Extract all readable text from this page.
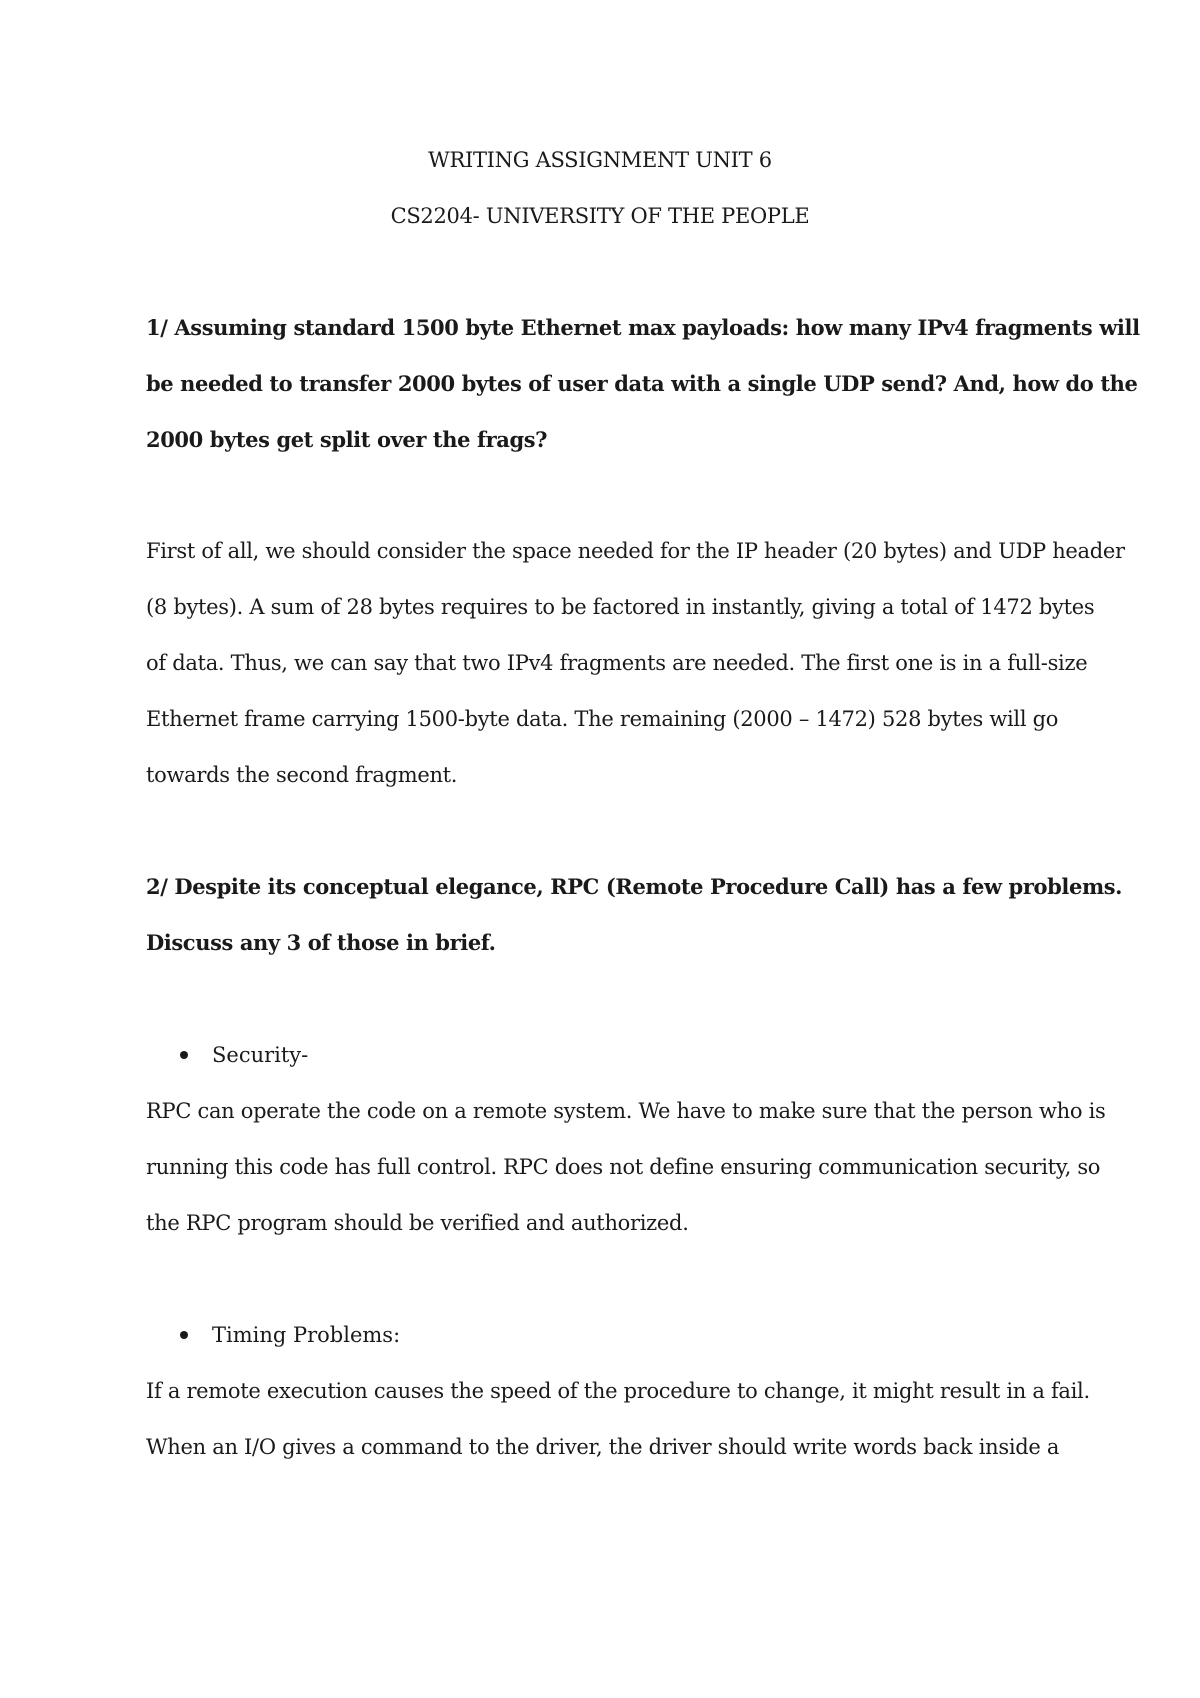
WRITING ASSIGNMENT UNIT 6
CS2204- UNIVERSITY OF THE PEOPLE
1/ Assuming standard 1500 byte Ethernet max payloads: how many IPv4 fragments will
be needed to transfer 2000 bytes of user data with a single UDP send? And, how do the
2000 bytes get split over the frags?
First of all, we should consider the space needed for the IP header (20 bytes) and UDP header
(8 bytes). A sum of 28 bytes requires to be factored in instantly, giving a total of 1472 bytes
of data. Thus, we can say that two IPv4 fragments are needed. The first one is in a full-size
Ethernet frame carrying 1500-byte data. The remaining (2000 – 1472) 528 bytes will go
towards the second fragment.
2/ Despite its conceptual elegance, RPC (Remote Procedure Call) has a few problems.
Discuss any 3 of those in brief.
Security-
RPC can operate the code on a remote system. We have to make sure that the person who is
running this code has full control. RPC does not define ensuring communication security, so
the RPC program should be verified and authorized.
Timing Problems:
If a remote execution causes the speed of the procedure to change, it might result in a fail.
When an I/O gives a command to the driver, the driver should write words back inside a
